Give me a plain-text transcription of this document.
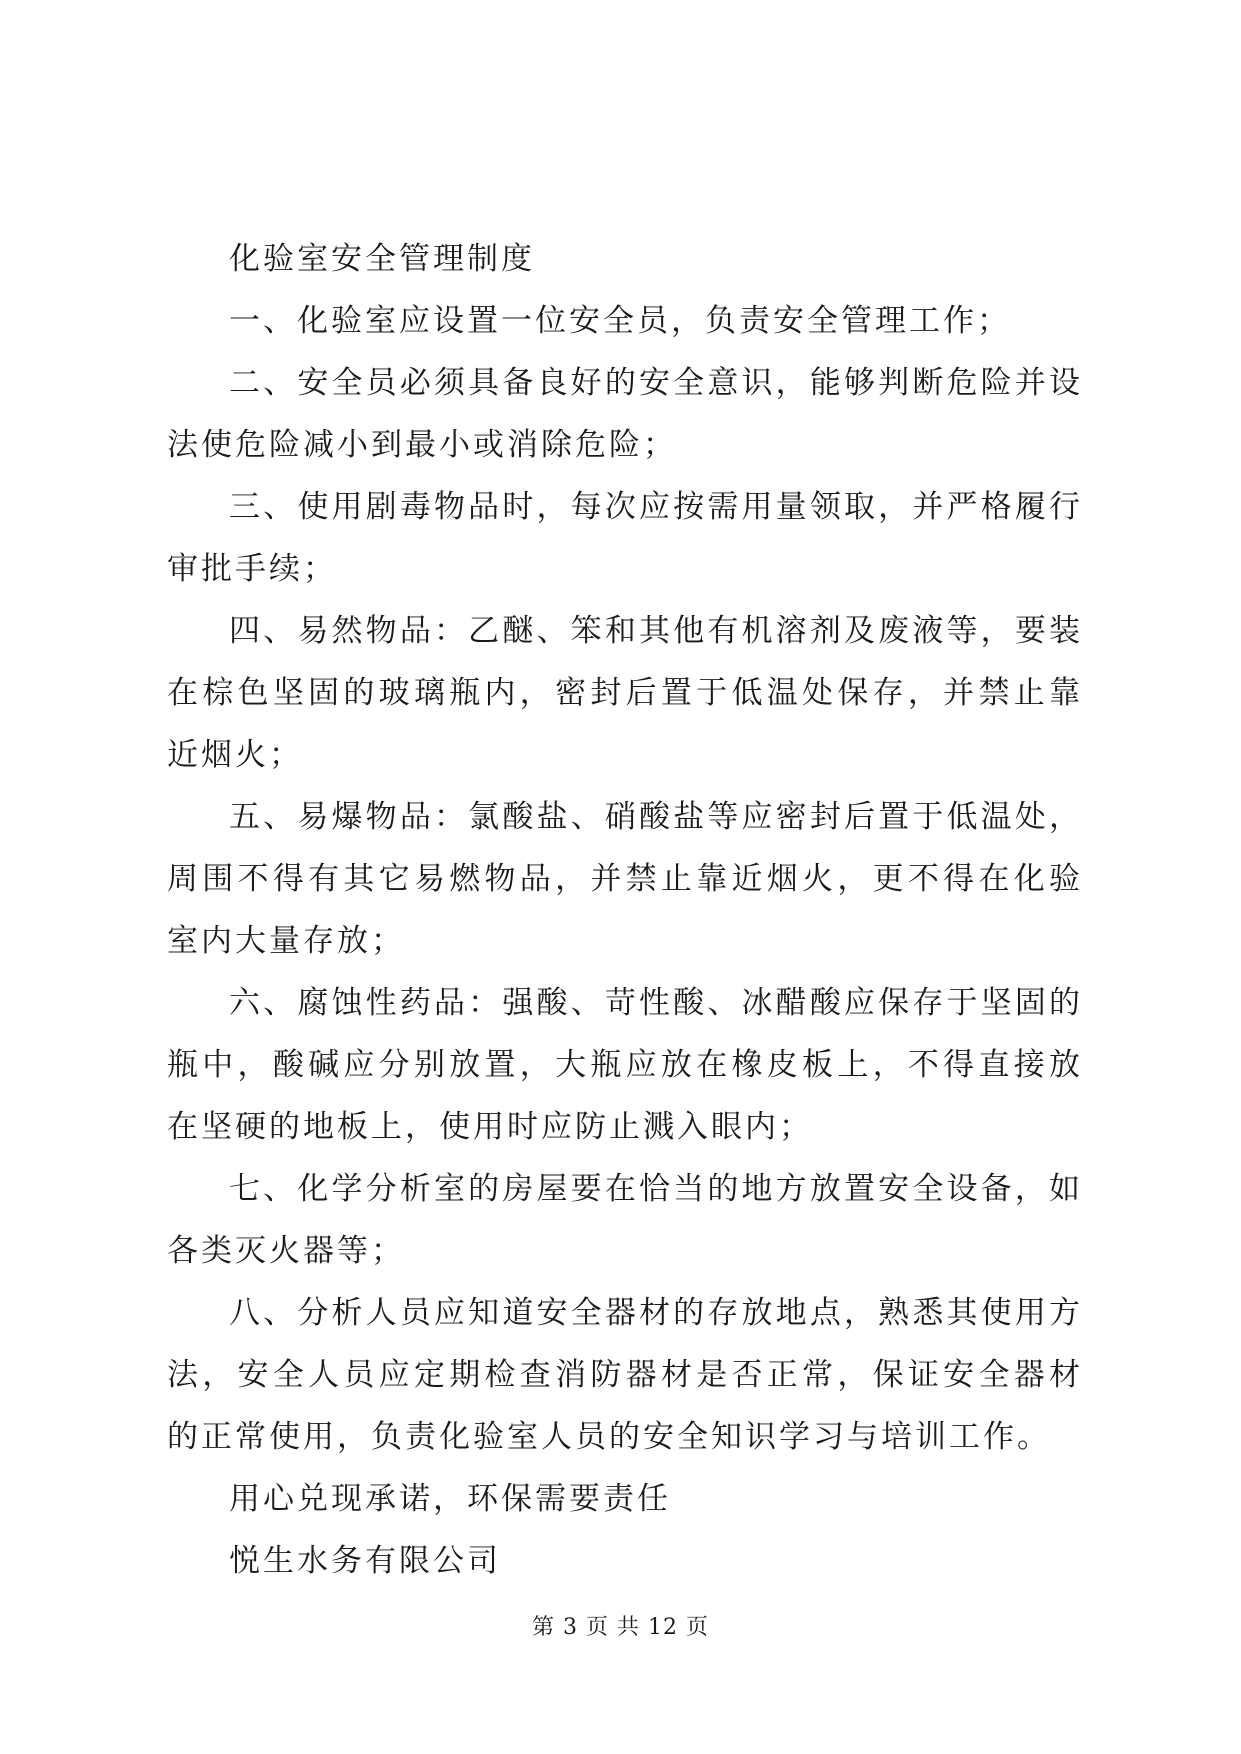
化验室安全管理制度

一、化验室应设置一位安全员，负责安全管理工作；

二、安全员必须具备良好的安全意识，能够判断危险并设法使危险减小到最小或消除危险；

三、使用剧毒物品时，每次应按需用量领取，并严格履行审批手续；

四、易然物品：乙醚、笨和其他有机溶剂及废液等，要装在棕色坚固的玻璃瓶内，密封后置于低温处保存，并禁止靠近烟火；

五、易爆物品：氯酸盐、硝酸盐等应密封后置于低温处，周围不得有其它易燃物品，并禁止靠近烟火，更不得在化验室内大量存放；

六、腐蚀性药品：强酸、苛性酸、冰醋酸应保存于坚固的瓶中，酸碱应分别放置，大瓶应放在橡皮板上，不得直接放在坚硬的地板上，使用时应防止溅入眼内；

七、化学分析室的房屋要在恰当的地方放置安全设备，如各类灭火器等；

八、分析人员应知道安全器材的存放地点，熟悉其使用方法，安全人员应定期检查消防器材是否正常，保证安全器材的正常使用，负责化验室人员的安全知识学习与培训工作。

用心兑现承诺，环保需要责任

悦生水务有限公司

第 3 页 共 12 页
